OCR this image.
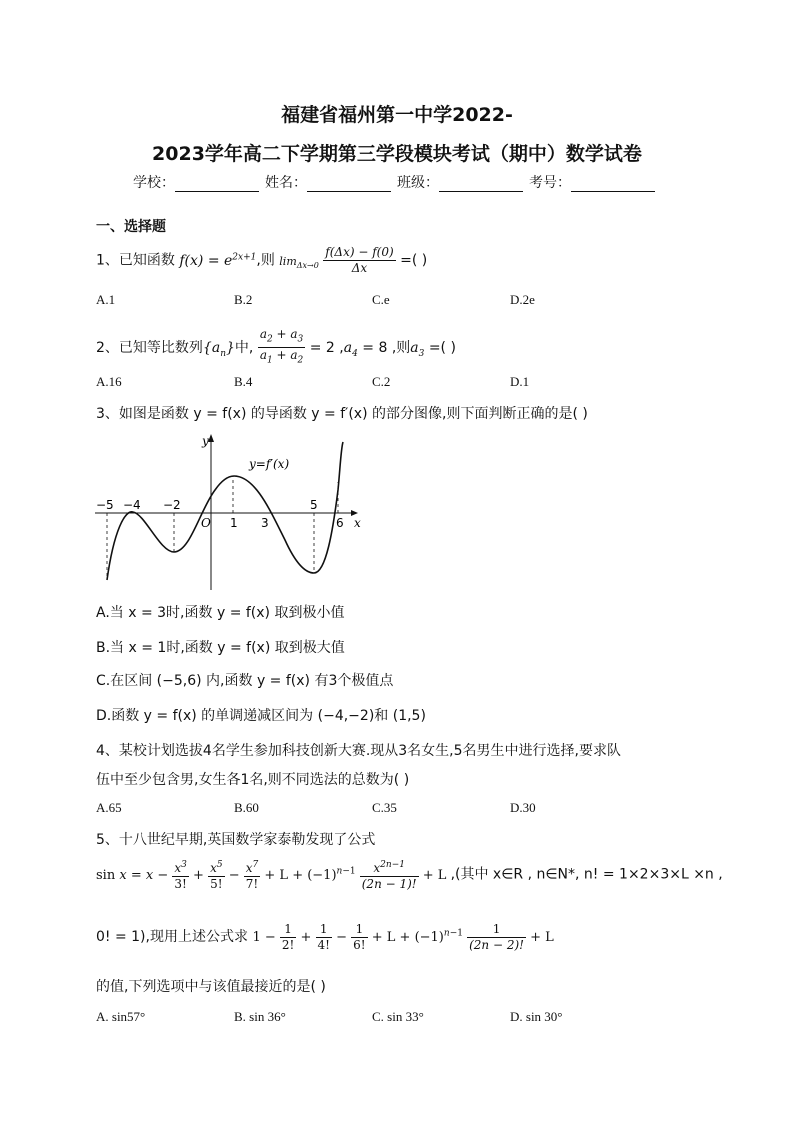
福建省福州第一中学2022-
2023学年高二下学期第三学段模块考试（期中）数学试卷
学校：	姓名：	班级：	考号：
一、选择题
1、已知函数 $f(x) = e^{2x+1}$,则 $\lim_{\Delta x\to 0} \frac{f(\Delta x) - f(0)}{\Delta x}$ =( )
A.1	B.2	C.e	D.2e
2、已知等比数列$\{a_n\}$中, $\frac{a_2 + a_3}{a_1 + a_2} = 2$ $,a_4 = 8$ ,则$a_3$ =( )
A.16	B.4	C.2	D.1
3、如图是函数 y = f(x) 的导函数 y = f′(x) 的部分图像,则下面判断正确的是( )
y=f′(x)
y
x
O
−5 −4 −2
1 3
5
6
A.当 x = 3时,函数 y = f(x) 取到极小值
B.当 x = 1时,函数 y = f(x) 取到极大值
C.在区间 (−5,6) 内,函数 y = f(x) 有3个极值点
D.函数 y = f(x) 的单调递减区间为 (−4,−2)和 (1,5)
4、某校计划选拔4名学生参加科技创新大赛.现从3名女生,5名男生中进行选择,要求队
伍中至少包含男,女生各1名,则不同选法的总数为( )
A.65	B.60	C.35	D.30
5、十八世纪早期,英国数学家泰勒发现了公式
$\sin x = x - \frac{x^3}{3!} + \frac{x^5}{5!} - \frac{x^7}{7!} + L + (-1)^{n-1} \frac{x^{2n-1}}{(2n - 1)!} + L$ ,(其中 x∈R , n∈N*, n! = 1×2×3×L ×n ,
0! = 1),现用上述公式求 $1 - \frac{1}{2!} + \frac{1}{4!} - \frac{1}{6!} + L + (-1)^{n-1} \frac{1}{(2n - 2)!} + L$
的值,下列选项中与该值最接近的是( )
A. sin57°	B. sin 36°	C. sin 33°	D. sin 30°
